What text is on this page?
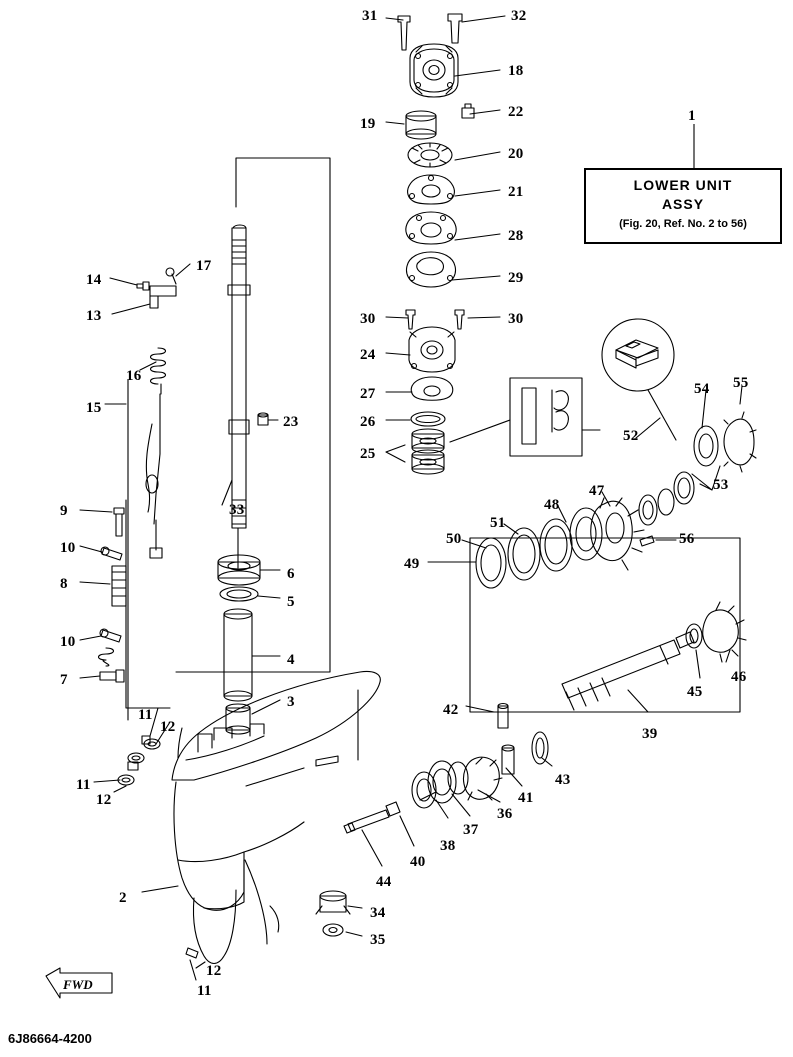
LOWER UNIT
ASSY
(Fig. 20, Ref. No. 2 to 56)
FWD
6J86664-4200
31	32
18
22
19
20
21
1
28
29
30	30
24
27
26
25
14
17
13
16
15
23
33
54 55
52
53
47
48
51
50
49
56
9
10
8
10
7
6
5
4
3
46
45
39
42
43
41
36
37
38
40
44
11
12
11
12
2
34
35
12
11
